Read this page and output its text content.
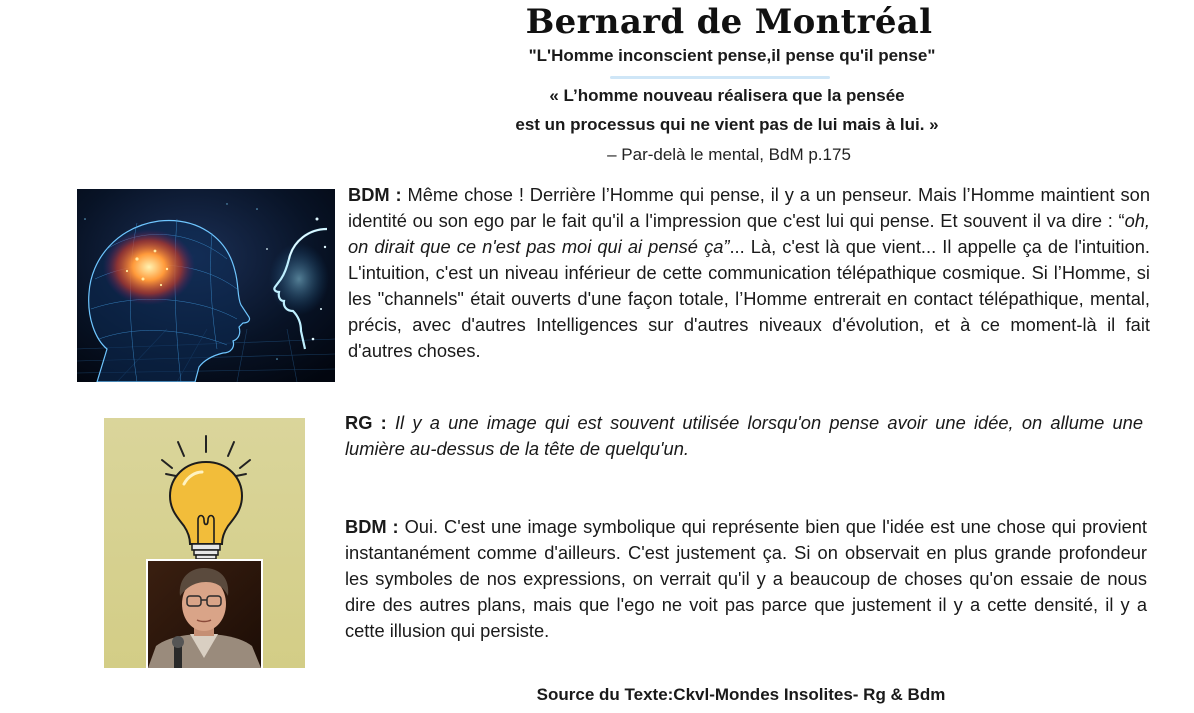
Bernard de Montréal
"L'Homme inconscient pense,il pense qu'il pense"
« L’homme nouveau réalisera que la pensée
est un processus qui ne vient pas de lui mais à lui. »
– Par-delà le mental, BdM p.175
BDM : Même chose ! Derrière l’Homme qui pense, il y a un penseur. Mais l’Homme maintient son identité ou son ego par le fait qu'il a l'impression que c'est lui qui pense. Et souvent il va dire : “oh, on dirait que ce n'est pas moi qui ai pensé ça”... Là, c'est là que vient... Il appelle ça de l'intuition. L'intuition, c'est un niveau inférieur de cette communication télépathique cosmique. Si l’Homme, si les "channels" était ouverts d'une façon totale, l’Homme entrerait en contact télépathique, mental, précis, avec d'autres Intelligences sur d'autres niveaux d'évolution, et à ce moment-là il fait d'autres choses.
RG : Il y a une image qui est souvent utilisée lorsqu'on pense avoir une idée, on allume une lumière au-dessus de la tête de quelqu'un.
BDM : Oui. C'est une image symbolique qui représente bien que l'idée est une chose qui provient instantanément comme d'ailleurs. C'est justement ça. Si on observait en plus grande profondeur les symboles de nos expressions, on verrait qu'il y a beaucoup de choses qu'on essaie de nous dire des autres plans, mais que l'ego ne voit pas parce que justement il y a cette densité, il y a cette illusion qui persiste.
Source du Texte:Ckvl-Mondes Insolites- Rg & Bdm
